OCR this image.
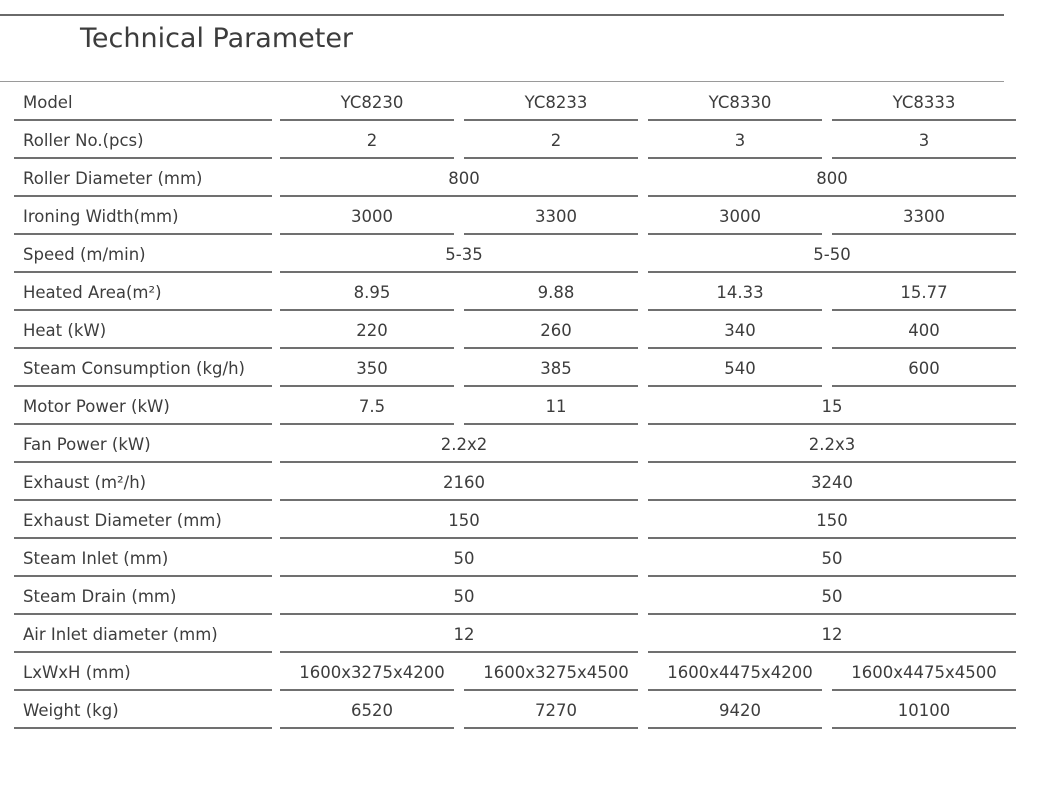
Technical Parameter
Model		YC8230	YC8233	YC8330	YC8333
Roller No.(pcs)		2	2	3	3
Roller Diameter (mm)		800		800	
Ironing Width(mm)		3000	3300	3000	3300
Speed (m/min)		5-35		5-50	
Heated Area(m²)		8.95	9.88	14.33	15.77
Heat (kW)		220	260	340	400
Steam Consumption (kg/h)		350	385	540	600
Motor Power (kW)		7.5	11	15	
Fan Power (kW)		2.2x2		2.2x3	
Exhaust (m²/h)		2160		3240	
Exhaust Diameter (mm)		150		150	
Steam Inlet (mm)		50		50	
Steam Drain (mm)		50		50	
Air Inlet diameter (mm)		12		12	
LxWxH (mm)		1600x3275x4200	1600x3275x4500	1600x4475x4200	1600x4475x4500
Weight (kg)		6520	7270	9420	10100
